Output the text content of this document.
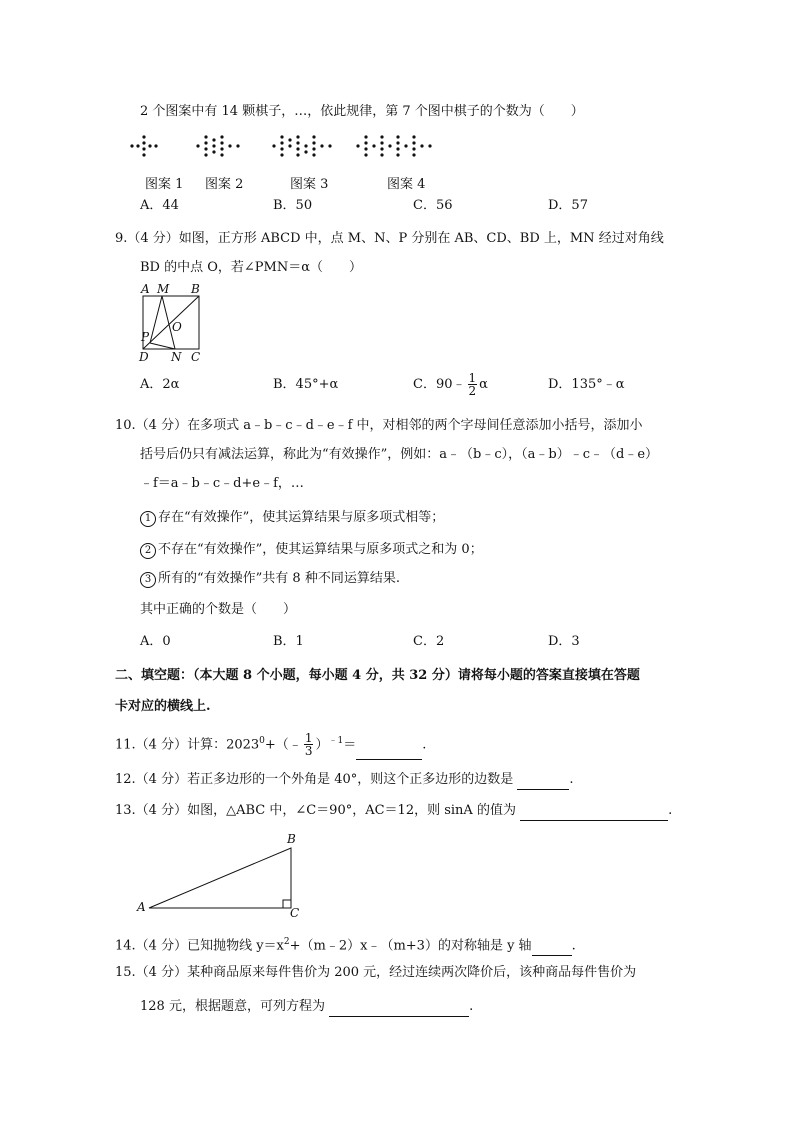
2 个图案中有 14 颗棋子，…，依此规律，第 7 个图中棋子的个数为（　　）
图案 1 图案 2	图案 3	图案 4
A．44	B．50	C．56	D．57
9.（4 分）如图，正方形 ABCD 中，点 M、N、P 分别在 AB、CD、BD 上，MN 经过对角线
BD 的中点 O，若∠PMN＝α（　　）
A M B
P
O
D N C
A．2α	B．45°+α	C．90﹣ $\frac{1}{2}$ α	D．135°﹣α
10.（4 分）在多项式 a﹣b﹣c﹣d﹣e﹣f 中，对相邻的两个字母间任意添加小括号，添加小
括号后仍只有减法运算，称此为“有效操作”，例如：a﹣（b﹣c），（a﹣b）﹣c﹣（d﹣e）
﹣f＝a﹣b﹣c﹣d+e﹣f，…
1 存在“有效操作”，使其运算结果与原多项式相等；
2 不存在“有效操作”，使其运算结果与原多项式之和为 0；
3 所有的“有效操作”共有 8 种不同运算结果.
其中正确的个数是（　　）
A．0	B．1	C．2	D．3
二、填空题：（本大题 8 个小题，每小题 4 分，共 32 分）请将每小题的答案直接填在答题
卡对应的横线上.
11.（4 分）计算：$2023^0+(﹣ \frac{1}{3} )^{﹣1}=$	.
12.（4 分）若正多边形的一个外角是 40°，则这个正多边形的边数是	.
13.（4 分）如图，△ABC 中，∠C＝90°，AC＝12，则 sinA 的值为	.
B
A	C
14.（4 分）已知抛物线 $y=x^2+(m﹣2)x﹣(m+3)$的对称轴是 y 轴	.
15.（4 分）某种商品原来每件售价为 200 元，经过连续两次降价后，该种商品每件售价为
128 元，根据题意，可列方程为	.
